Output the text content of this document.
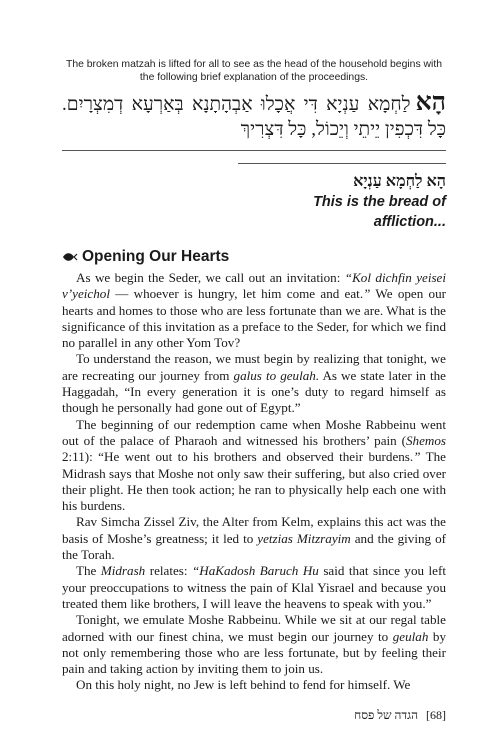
The broken matzah is lifted for all to see as the head of the household begins with the following brief explanation of the proceedings.

הָאלַחְמָא עַנְיָא דִּי אֲכָלוּ אַבְהָתָנָא בְּאַרְעָא דְמִצְרָיִם. כָּל דִּכְפִין יֵיתֵי וְיֵכוֹל, כָּל דִּצְרִיךְ
הָא לַחְמָא עַנְיָא
This is the bread of affliction...
Opening Our Hearts

As we begin the Seder, we call out an invitation: “Kol dichfin yeisei v’yeichol — whoever is hungry, let him come and eat.” We open our hearts and homes to those who are less fortunate than we are. What is the significance of this invitation as a preface to the Seder, for which we find no parallel in any other Yom Tov?

To understand the reason, we must begin by realizing that tonight, we are recreating our journey from galus to geulah. As we state later in the Haggadah, “In every generation it is one’s duty to regard himself as though he personally had gone out of Egypt.”

The beginning of our redemption came when Moshe Rabbeinu went out of the palace of Pharaoh and witnessed his brothers’ pain (Shemos 2:11): “He went out to his brothers and observed their burdens.” The Midrash says that Moshe not only saw their suffering, but also cried over their plight. He then took action; he ran to physically help each one with his burdens.

Rav Simcha Zissel Ziv, the Alter from Kelm, explains this act was the basis of Moshe’s greatness; it led to yetzias Mitzrayim and the giving of the Torah.

The Midrash relates: “HaKadosh Baruch Hu said that since you left your preoccupations to witness the pain of Klal Yisrael and because you treated them like brothers, I will leave the heavens to speak with you.”

Tonight, we emulate Moshe Rabbeinu. While we sit at our regal table adorned with our finest china, we must begin our journey to geulah by not only remembering those who are less fortunate, but by feeling their pain and taking action by inviting them to join us.

On this holy night, no Jew is left behind to fend for himself. We

הגדה של פסח [68]
